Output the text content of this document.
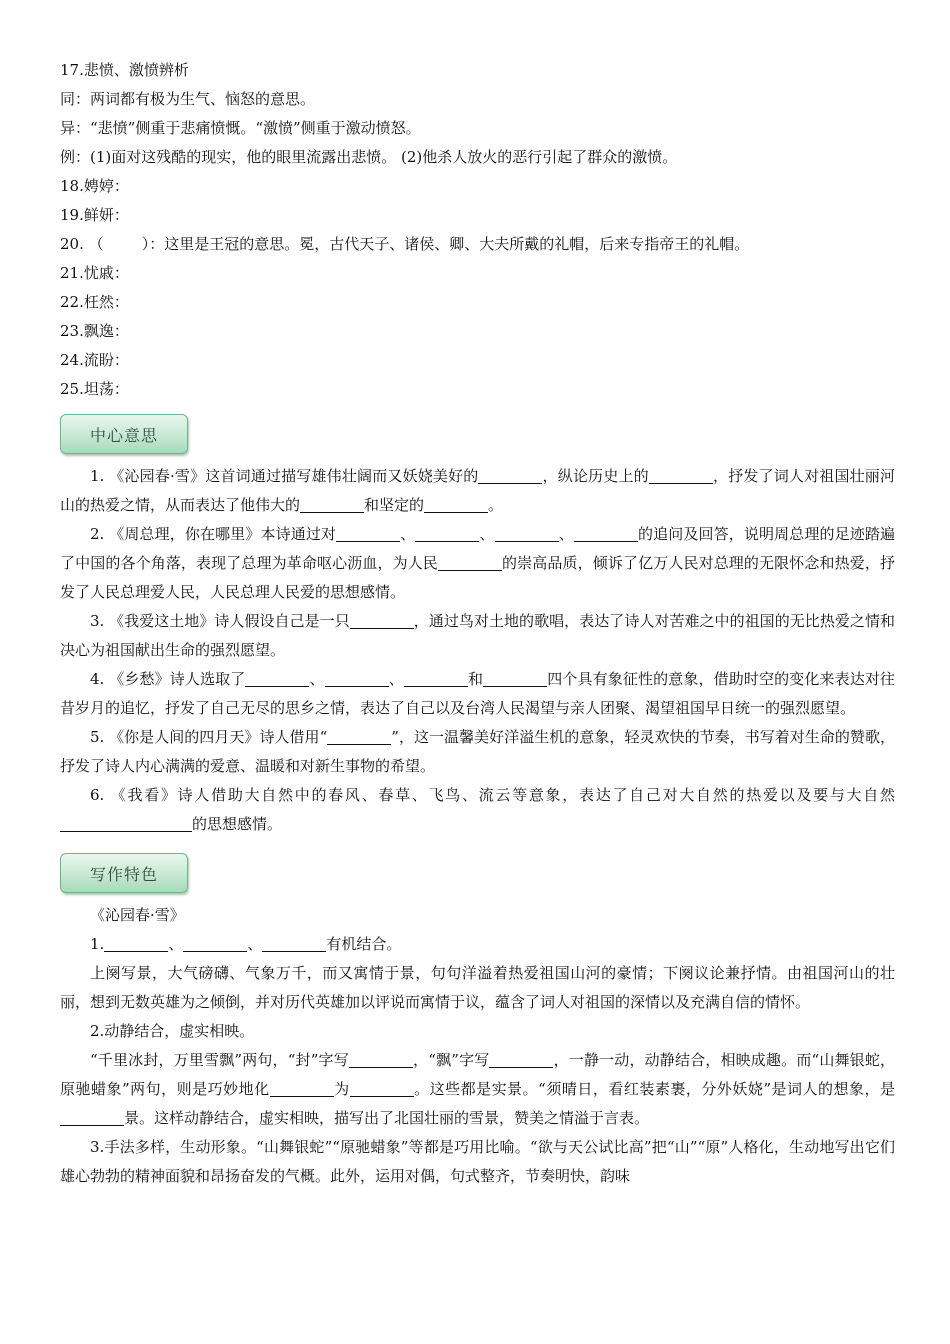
17.悲愤、激愤辨析
同：两词都有极为生气、恼怒的意思。
异：“悲愤”侧重于悲痛愤慨。“激愤”侧重于激动愤怒。
例：(1)面对这残酷的现实，他的眼里流露出悲愤。 (2)他杀人放火的恶行引起了群众的激愤。
18.娉婷：
19.鲜妍：
20. （        ）：这里是王冠的意思。冕，古代天子、诸侯、卿、大夫所戴的礼帽，后来专指帝王的礼帽。
21.忧戚：
22.枉然：
23.飘逸：
24.流盼：
25.坦荡：
中心意思

1. 《沁园春·雪》这首词通过描写雄伟壮阔而又妖娆美好的	，纵论历史上的	，抒发了词人对祖国壮丽河山的热爱之情，从而表达了他伟大的	和坚定的	。

2. 《周总理，你在哪里》本诗通过对	、	、	、	的追问及回答，说明周总理的足迹踏遍了中国的各个角落，表现了总理为革命呕心沥血，为人民	的崇高品质，倾诉了亿万人民对总理的无限怀念和热爱，抒发了人民总理爱人民，人民总理人民爱的思想感情。

3. 《我爱这土地》诗人假设自己是一只	，通过鸟对土地的歌唱，表达了诗人对苦难之中的祖国的无比热爱之情和决心为祖国献出生命的强烈愿望。

4. 《乡愁》诗人选取了	、	、	和	四个具有象征性的意象，借助时空的变化来表达对往昔岁月的追忆，抒发了自己无尽的思乡之情，表达了自己以及台湾人民渴望与亲人团聚、渴望祖国早日统一的强烈愿望。

5. 《你是人间的四月天》诗人借用“	”，这一温馨美好洋溢生机的意象，轻灵欢快的节奏，书写着对生命的赞歌，抒发了诗人内心满满的爱意、温暖和对新生事物的希望。

6. 《我看》诗人借助大自然中的春风、春草、飞鸟、流云等意象，表达了自己对大自然的热爱以及要与大自然的思想感情。

写作特色

《沁园春·雪》

1.	、	、	有机结合。

上阕写景，大气磅礴、气象万千，而又寓情于景，句句洋溢着热爱祖国山河的豪情；下阕议论兼抒情。由祖国河山的壮丽，想到无数英雄为之倾倒，并对历代英雄加以评说而寓情于议，蕴含了词人对祖国的深情以及充满自信的情怀。

2.动静结合，虚实相映。

“千里冰封，万里雪飘”两句，“封”字写	，“飘”字写	，一静一动，动静结合，相映成趣。而“山舞银蛇，原驰蜡象”两句，则是巧妙地化	为	。这些都是实景。“须晴日，看红装素裹，分外妖娆”是词人的想象，是景。这样动静结合，虚实相映，描写出了北国壮丽的雪景，赞美之情溢于言表。

3.手法多样，生动形象。“山舞银蛇”“原驰蜡象”等都是巧用比喻。“欲与天公试比高”把“山”“原”人格化，生动地写出它们雄心勃勃的精神面貌和昂扬奋发的气概。此外，运用对偶，句式整齐，节奏明快，韵味
